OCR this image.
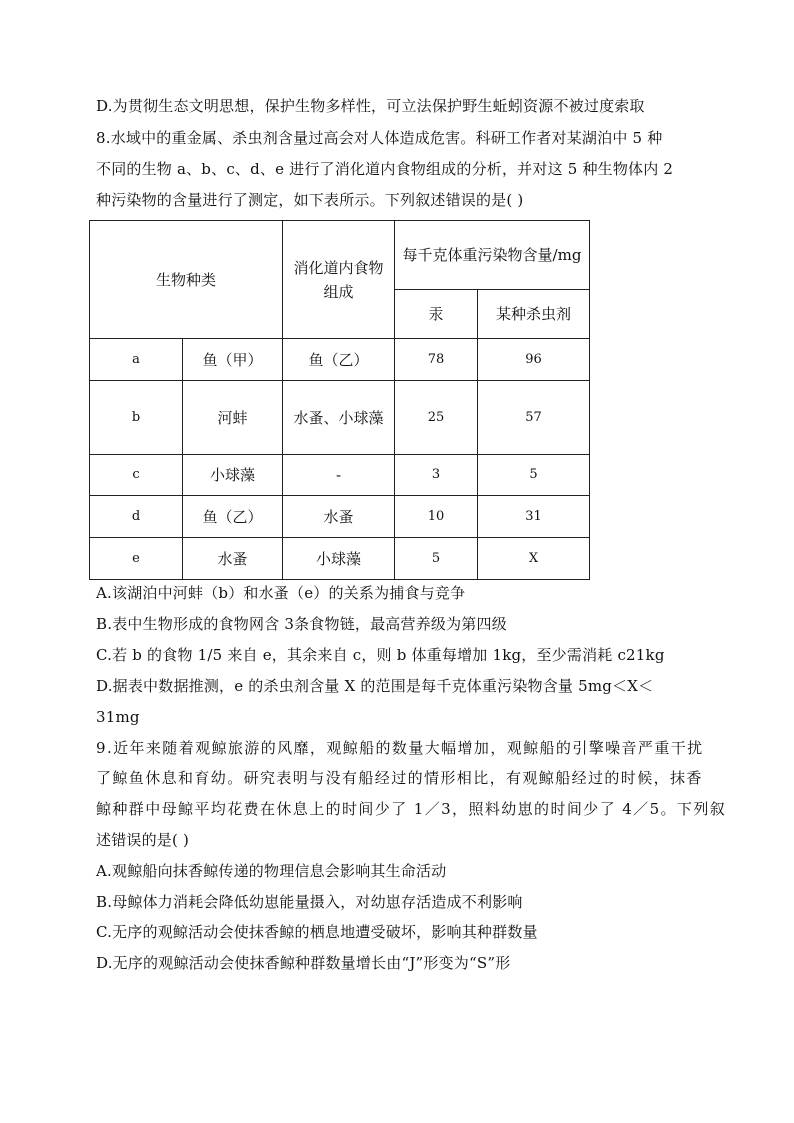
D.为贯彻生态文明思想，保护生物多样性，可立法保护野生蚯蚓资源不被过度索取
8.水域中的重金属、杀虫剂含量过高会对人体造成危害。科研工作者对某湖泊中 5 种
不同的生物 a、b、c、d、e 进行了消化道内食物组成的分析，并对这 5 种生物体内 2
种污染物的含量进行了测定，如下表所示。下列叙述错误的是( )
生物种类		消化道内食物组成	每千克体重污染物含量/mg	
			汞	某种杀虫剂
a	鱼（甲）	鱼（乙）	78	96
b	河蚌	水蚤、小球藻	25	57
c	小球藻	-	3	5
d	鱼（乙）	水蚤	10	31
e	水蚤	小球藻	5	X
A.该湖泊中河蚌（b）和水蚤（e）的关系为捕食与竞争
B.表中生物形成的食物网含 3条食物链，最高营养级为第四级
C.若 b 的食物 1/5 来自 e，其余来自 c，则 b 体重每增加 1kg，至少需消耗 c21kg
D.据表中数据推测，e 的杀虫剂含量 X 的范围是每千克体重污染物含量 5mg＜X＜
31mg
9.近年来随着观鲸旅游的风靡，观鲸船的数量大幅增加，观鲸船的引擎噪音严重干扰
了鲸鱼休息和育幼。研究表明与没有船经过的情形相比，有观鲸船经过的时候，抹香
鲸种群中母鲸平均花费在休息上的时间少了 1／3，照料幼崽的时间少了 4／5。下列叙
述错误的是( )
A.观鲸船向抹香鲸传递的物理信息会影响其生命活动
B.母鲸体力消耗会降低幼崽能量摄入，对幼崽存活造成不利影响
C.无序的观鲸活动会使抹香鲸的栖息地遭受破坏，影响其种群数量
D.无序的观鲸活动会使抹香鲸种群数量增长由“J”形变为“S”形
